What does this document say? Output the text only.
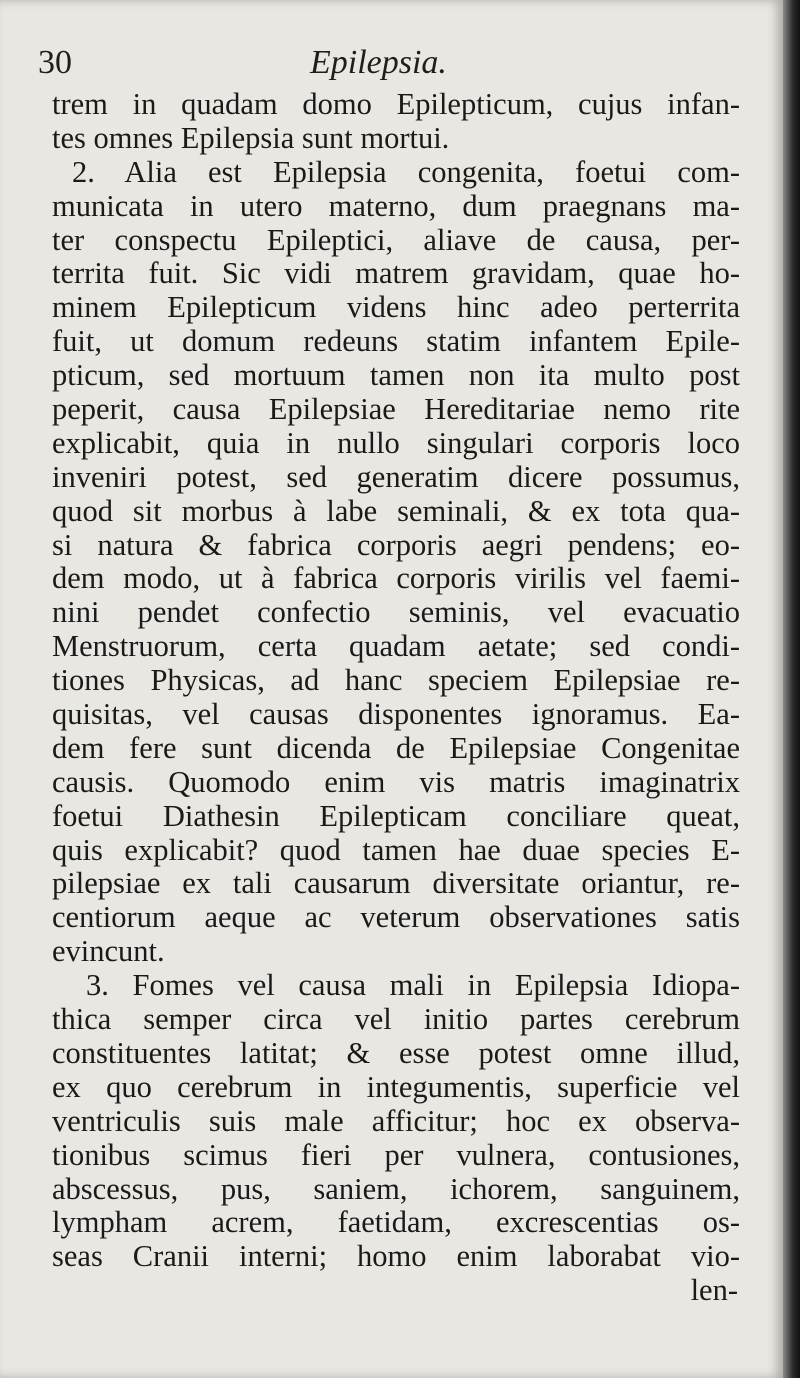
30	Epilepsia.
trem in quadam domo Epilepticum, cujus infan-
tes omnes Epilepsia sunt mortui.
2. Alia est Epilepsia congenita, foetui com-
municata in utero materno, dum praegnans ma-
ter conspectu Epileptici, aliave de causa, per-
territa fuit. Sic vidi matrem gravidam, quae ho-
minem Epilepticum videns hinc adeo perterrita
fuit, ut domum redeuns statim infantem Epile-
pticum, sed mortuum tamen non ita multo post
peperit, causa Epilepsiae Hereditariae nemo rite
explicabit, quia in nullo singulari corporis loco
inveniri potest, sed generatim dicere possumus,
quod sit morbus à labe seminali, & ex tota qua-
si natura & fabrica corporis aegri pendens; eo-
dem modo, ut à fabrica corporis virilis vel faemi-
nini pendet confectio seminis, vel evacuatio
Menstruorum, certa quadam aetate; sed condi-
tiones Physicas, ad hanc speciem Epilepsiae re-
quisitas, vel causas disponentes ignoramus. Ea-
dem fere sunt dicenda de Epilepsiae Congenitae
causis. Quomodo enim vis matris imaginatrix
foetui Diathesin Epilepticam conciliare queat,
quis explicabit? quod tamen hae duae species E-
pilepsiae ex tali causarum diversitate oriantur, re-
centiorum aeque ac veterum observationes satis
evincunt.
3. Fomes vel causa mali in Epilepsia Idiopa-
thica semper circa vel initio partes cerebrum
constituentes latitat; & esse potest omne illud,
ex quo cerebrum in integumentis, superficie vel
ventriculis suis male afficitur; hoc ex observa-
tionibus scimus fieri per vulnera, contusiones,
abscessus, pus, saniem, ichorem, sanguinem,
lympham acrem, faetidam, excrescentias os-
seas Cranii interni; homo enim laborabat vio-
len-
